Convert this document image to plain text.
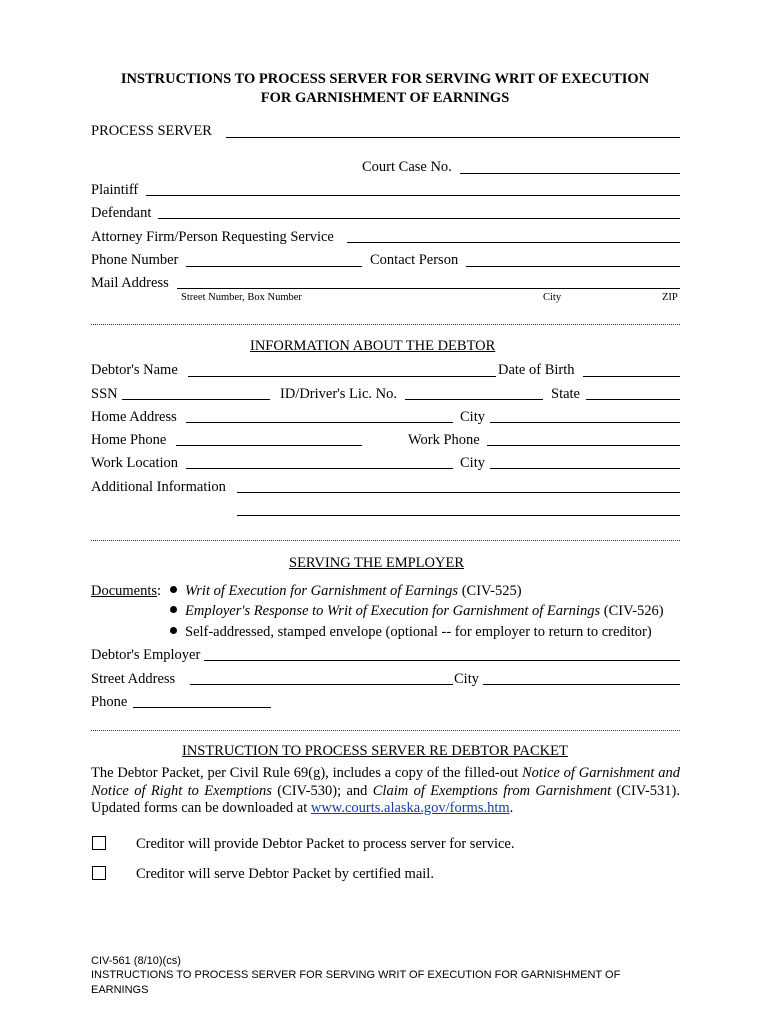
INSTRUCTIONS TO PROCESS SERVER FOR SERVING WRIT OF EXECUTION
FOR GARNISHMENT OF EARNINGS
PROCESS SERVER
Court Case No.
Plaintiff
Defendant
Attorney Firm/Person Requesting Service
Phone Number	Contact Person
Mail Address
Street Number, Box Number	City	ZIP
INFORMATION ABOUT THE DEBTOR
Debtor's Name	Date of Birth
SSN	ID/Driver's Lic. No.	State
Home Address	City
Home Phone	Work Phone
Work Location	City
Additional Information
SERVING THE EMPLOYER
Documents:	Writ of Execution for Garnishment of Earnings (CIV-525)
Employer's Response to Writ of Execution for Garnishment of Earnings (CIV-526)
Self-addressed, stamped envelope (optional -- for employer to return to creditor)
Debtor's Employer
Street Address	City
Phone
INSTRUCTION TO PROCESS SERVER RE DEBTOR PACKET
The Debtor Packet, per Civil Rule 69(g), includes a copy of the filled-out Notice of Garnishment and Notice of Right to Exemptions (CIV-530); and Claim of Exemptions from Garnishment (CIV-531). Updated forms can be downloaded at www.courts.alaska.gov/forms.htm.
Creditor will provide Debtor Packet to process server for service.
Creditor will serve Debtor Packet by certified mail.
CIV-561 (8/10)(cs)
INSTRUCTIONS TO PROCESS SERVER FOR SERVING WRIT OF EXECUTION FOR GARNISHMENT OF
EARNINGS
